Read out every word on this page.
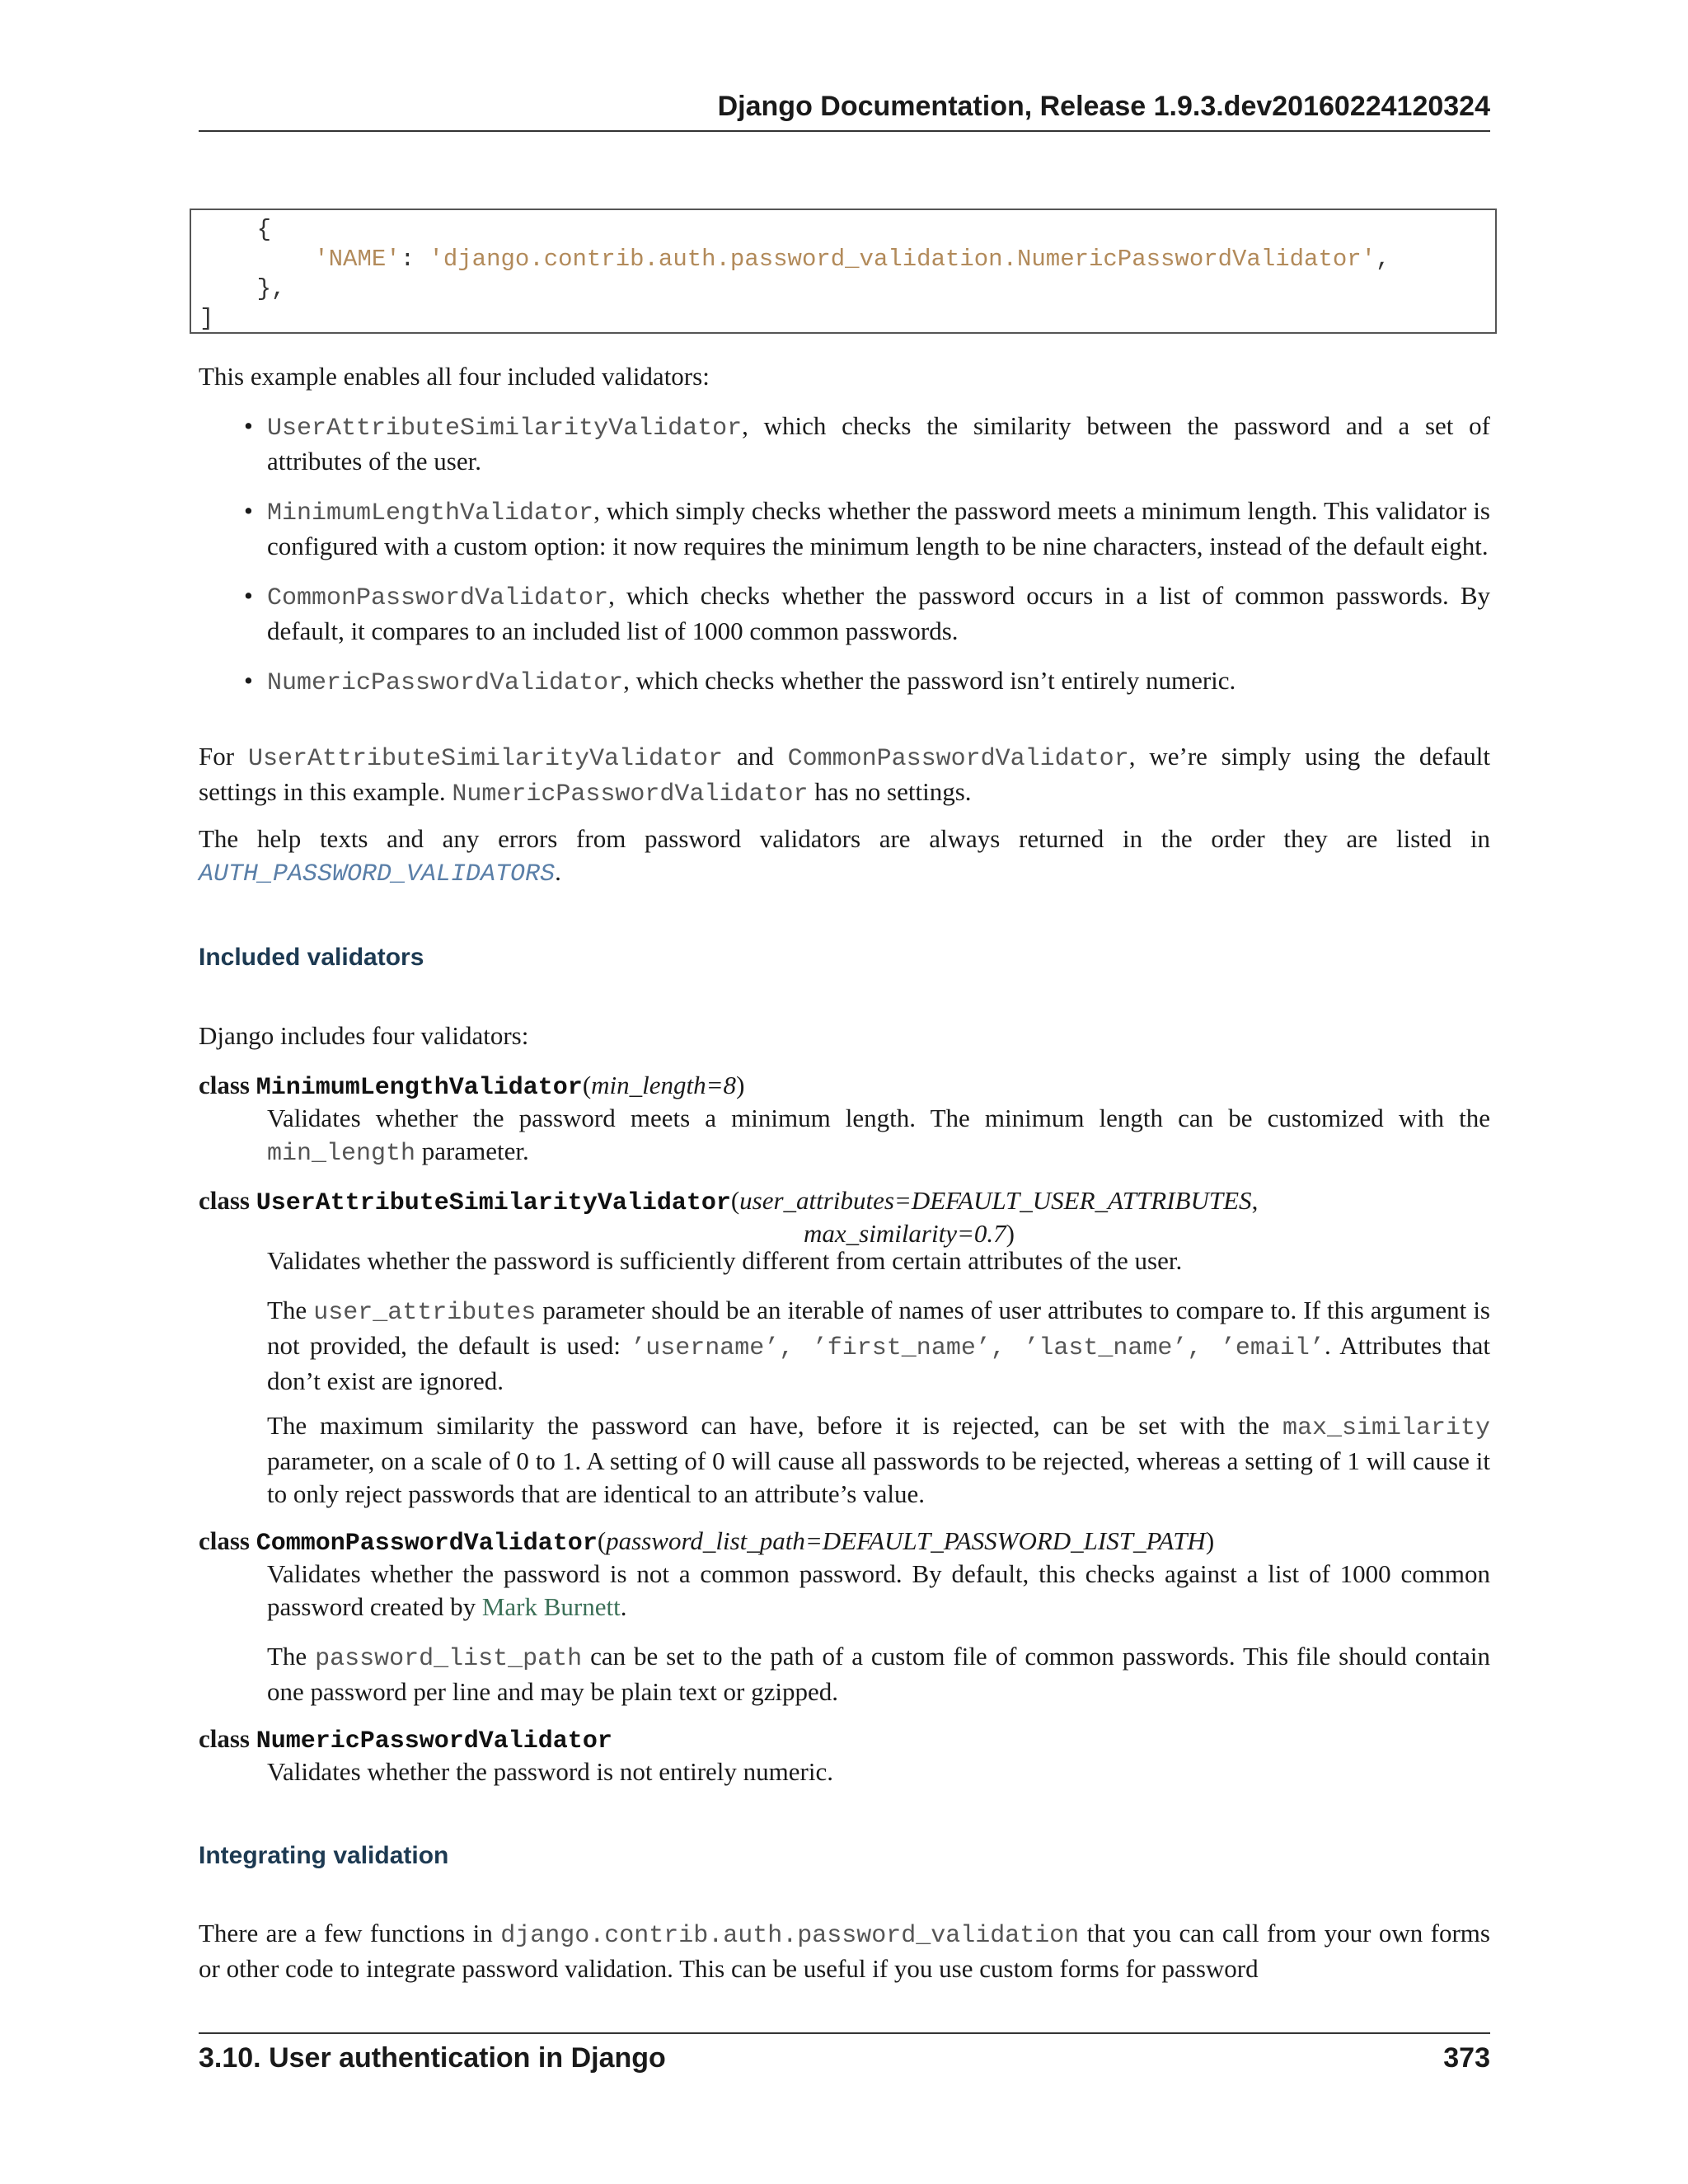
Django Documentation, Release 1.9.3.dev20160224120324
{
'NAME': 'django.contrib.auth.password_validation.NumericPasswordValidator',
},
]
This example enables all four included validators:
• UserAttributeSimilarityValidator, which checks the similarity between the password and a set of attributes of the user.
• MinimumLengthValidator, which simply checks whether the password meets a minimum length. This validator is configured with a custom option: it now requires the minimum length to be nine characters, instead of the default eight.
• CommonPasswordValidator, which checks whether the password occurs in a list of common passwords. By default, it compares to an included list of 1000 common passwords.
• NumericPasswordValidator, which checks whether the password isn’t entirely numeric.
For UserAttributeSimilarityValidator and CommonPasswordValidator, we’re simply using the default settings in this example. NumericPasswordValidator has no settings.
The help texts and any errors from password validators are always returned in the order they are listed in AUTH_PASSWORD_VALIDATORS.
Included validators
Django includes four validators:
class MinimumLengthValidator(min_length=8)
Validates whether the password meets a minimum length. The minimum length can be customized with the min_length parameter.
class UserAttributeSimilarityValidator(user_attributes=DEFAULT_USER_ATTRIBUTES,
max_similarity=0.7)
Validates whether the password is sufficiently different from certain attributes of the user.
The user_attributes parameter should be an iterable of names of user attributes to compare to. If this argument is not provided, the default is used: ’username’, ’first_name’, ’last_name’, ’email’. Attributes that don’t exist are ignored.
The maximum similarity the password can have, before it is rejected, can be set with the max_similarity parameter, on a scale of 0 to 1. A setting of 0 will cause all passwords to be rejected, whereas a setting of 1 will cause it to only reject passwords that are identical to an attribute’s value.
class CommonPasswordValidator(password_list_path=DEFAULT_PASSWORD_LIST_PATH)
Validates whether the password is not a common password. By default, this checks against a list of 1000 common password created by Mark Burnett.
The password_list_path can be set to the path of a custom file of common passwords. This file should contain one password per line and may be plain text or gzipped.
class NumericPasswordValidator
Validates whether the password is not entirely numeric.
Integrating validation
There are a few functions in django.contrib.auth.password_validation that you can call from your own forms or other code to integrate password validation. This can be useful if you use custom forms for password
3.10. User authentication in Django	373
